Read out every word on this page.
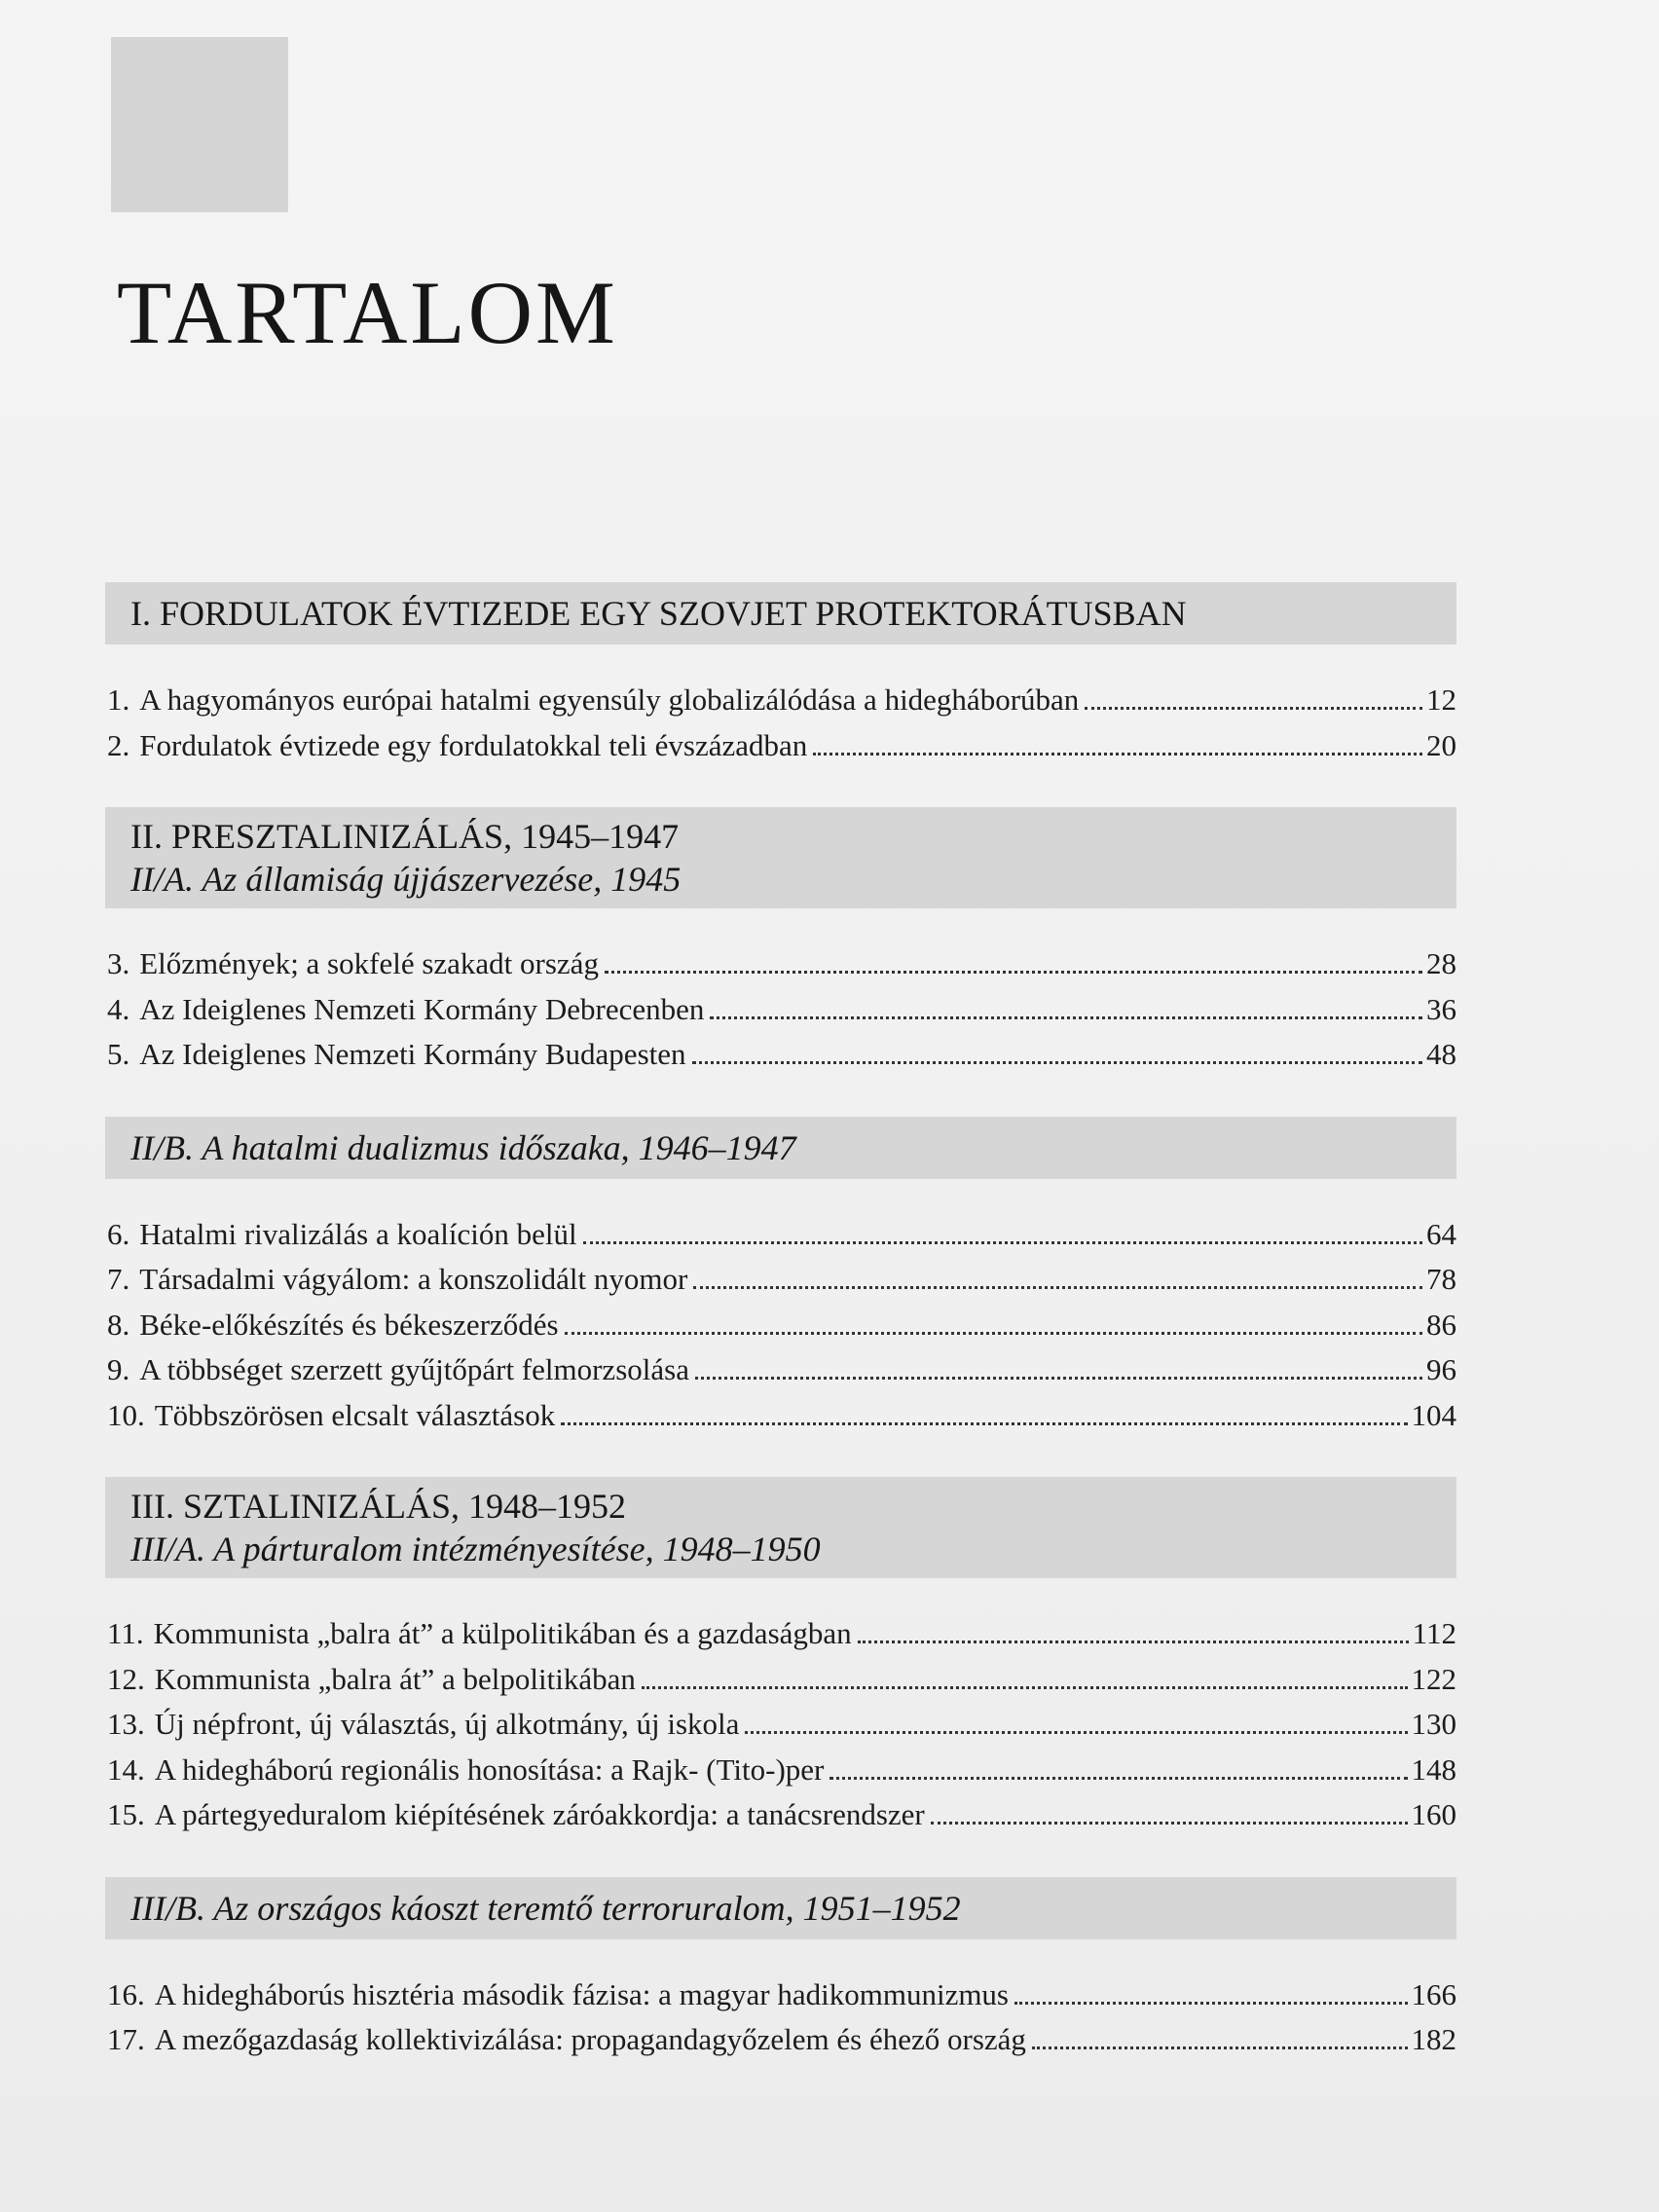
TARTALOM
I. FORDULATOK ÉVTIZEDE EGY SZOVJET PROTEKTORÁTUSBAN
1. A hagyományos európai hatalmi egyensúly globalizálódása a hidegháborúban	12
2. Fordulatok évtizede egy fordulatokkal teli évszázadban	20
II. PRESZTALINIZÁLÁS, 1945–1947
II/A. Az államiság újjászervezése, 1945
3. Előzmények; a sokfelé szakadt ország	28
4. Az Ideiglenes Nemzeti Kormány Debrecenben	36
5. Az Ideiglenes Nemzeti Kormány Budapesten	48
II/B. A hatalmi dualizmus időszaka, 1946–1947
6. Hatalmi rivalizálás a koalíción belül	64
7. Társadalmi vágyálom: a konszolidált nyomor	78
8. Béke-előkészítés és békeszerződés	86
9. A többséget szerzett gyűjtőpárt felmorzsolása	96
10. Többszörösen elcsalt választások	104
III. SZTALINIZÁLÁS, 1948–1952
III/A. A párturalom intézményesítése, 1948–1950
11. Kommunista „balra át” a külpolitikában és a gazdaságban	112
12. Kommunista „balra át” a belpolitikában	122
13. Új népfront, új választás, új alkotmány, új iskola	130
14. A hidegháború regionális honosítása: a Rajk- (Tito-)per	148
15. A pártegyeduralom kiépítésének záróakkordja: a tanácsrendszer	160
III/B. Az országos káoszt teremtő terroruralom, 1951–1952
16. A hidegháborús hisztéria második fázisa: a magyar hadikommunizmus	166
17. A mezőgazdaság kollektivizálása: propagandagyőzelem és éhező ország	182
